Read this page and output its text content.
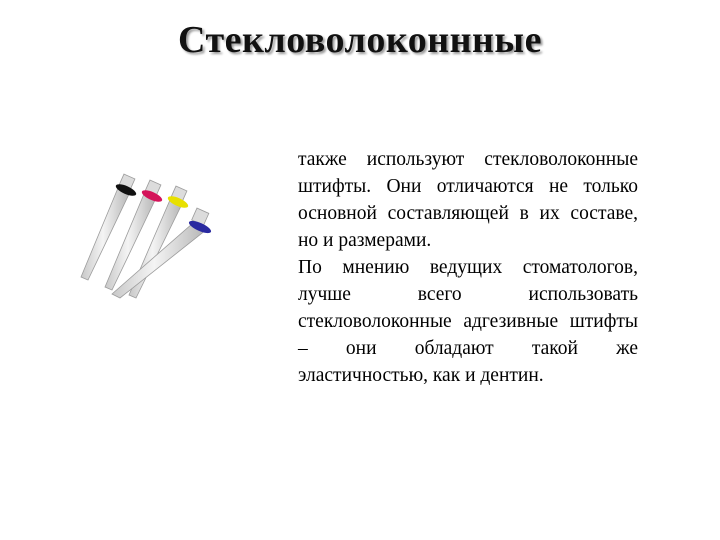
Стекловолоконнные

также используют стекловолоконные штифты. Они отличаются не только основной составляющей в их составе, но и размерами.

По мнению ведущих стоматологов, лучше всего использовать стекловолоконные адгезивные штифты – они обладают такой же эластичностью, как и дентин.
